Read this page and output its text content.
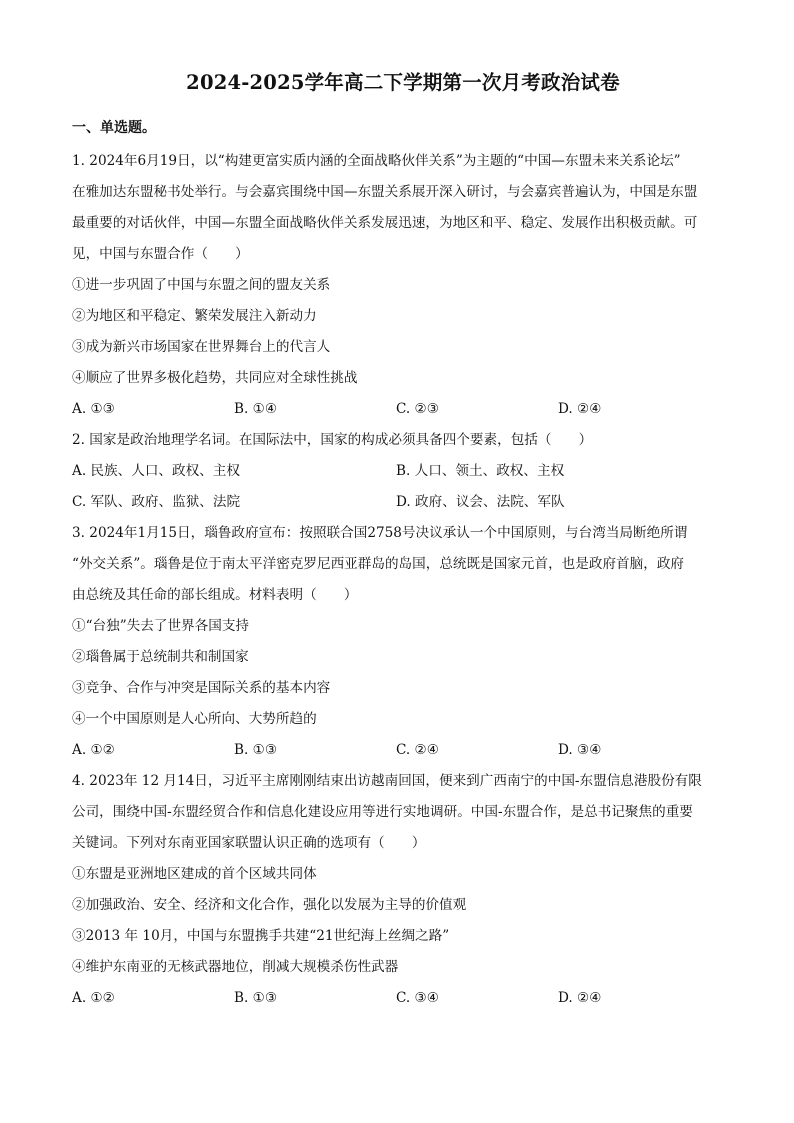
2024-2025学年高二下学期第一次月考政治试卷
一、单选题。

1. 2024年6月19日，以“构建更富实质内涵的全面战略伙伴关系”为主题的“中国—东盟未来关系论坛”

在雅加达东盟秘书处举行。与会嘉宾围绕中国—东盟关系展开深入研讨，与会嘉宾普遍认为，中国是东盟

最重要的对话伙伴，中国—东盟全面战略伙伴关系发展迅速，为地区和平、稳定、发展作出积极贡献。可

见，中国与东盟合作（　　）

①进一步巩固了中国与东盟之间的盟友关系

②为地区和平稳定、繁荣发展注入新动力

③成为新兴市场国家在世界舞台上的代言人

④顺应了世界多极化趋势，共同应对全球性挑战

A. ①③	B. ①④	C. ②③	D. ②④

2. 国家是政治地理学名词。在国际法中，国家的构成必须具备四个要素，包括（　　）

A. 民族、人口、政权、主权	B. 人口、领土、政权、主权
C. 军队、政府、监狱、法院	D. 政府、议会、法院、军队

3. 2024年1月15日，瑙鲁政府宣布：按照联合国2758号决议承认一个中国原则，与台湾当局断绝所谓

“外交关系”。瑙鲁是位于南太平洋密克罗尼西亚群岛的岛国，总统既是国家元首，也是政府首脑，政府

由总统及其任命的部长组成。材料表明（　　）

①“台独”失去了世界各国支持

②瑙鲁属于总统制共和制国家

③竞争、合作与冲突是国际关系的基本内容

④一个中国原则是人心所向、大势所趋的

A. ①②	B. ①③	C. ②④	D. ③④

4. 2023年 12 月14日，习近平主席刚刚结束出访越南回国，便来到广西南宁的中国-东盟信息港股份有限

公司，围绕中国-东盟经贸合作和信息化建设应用等进行实地调研。中国-东盟合作，是总书记聚焦的重要

关键词。下列对东南亚国家联盟认识正确的选项有（　　）

①东盟是亚洲地区建成的首个区域共同体

②加强政治、安全、经济和文化合作，强化以发展为主导的价值观

③2013 年 10月，中国与东盟携手共建“21世纪海上丝绸之路”

④维护东南亚的无核武器地位，削减大规模杀伤性武器

A. ①②	B. ①③	C. ③④	D. ②④
